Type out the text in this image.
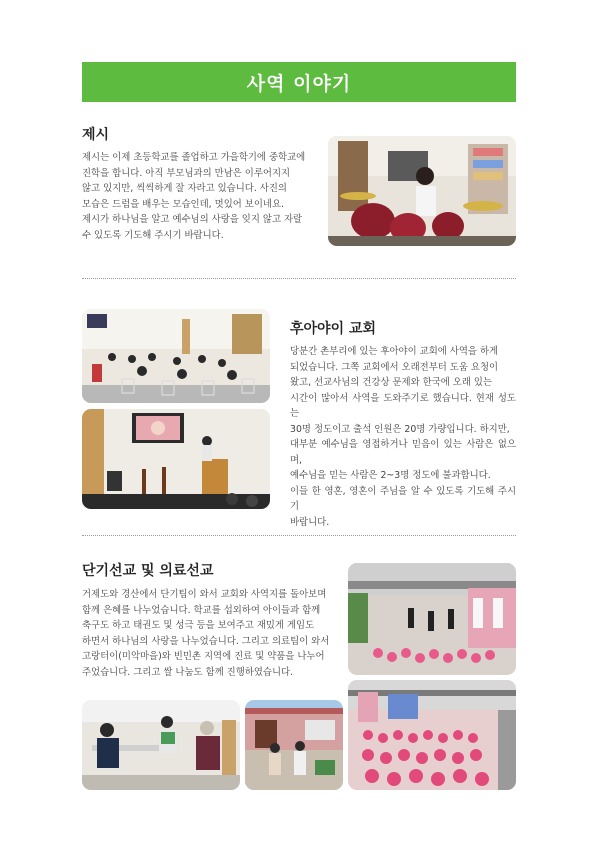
사역 이야기
제시
제시는 이제 초등학교를 졸업하고 가을학기에 중학교에
진학을 합니다. 아직 부모님과의 만남은 이루어지지
않고 있지만, 씩씩하게 잘 자라고 있습니다. 사진의
모습은 드럼을 배우는 모습인데, 멋있어 보이네요.
제시가 하나님을 알고 예수님의 사랑을 잊지 않고 자랄
수 있도록 기도해 주시기 바랍니다.
후아야이 교회
당분간 촌부리에 있는 후아야이 교회에 사역을 하게
되었습니다. 그쪽 교회에서 오래전부터 도움 요청이
왔고, 선교사님의 건강상 문제와 한국에 오래 있는
시간이 많아서 사역을 도와주기로 했습니다. 현재 성도는
30명 정도이고 출석 인원은 20명 가량입니다. 하지만,
대부분 예수님을 영접하거나 믿음이 있는 사람은 없으며,
예수님을 믿는 사람은 2~3명 정도에 불과합니다.
이들 한 영혼, 영혼이 주님을 알 수 있도록 기도해 주시기
바랍니다.
단기선교 및 의료선교
거제도와 경산에서 단기팀이 와서 교회와 사역지를 돌아보며
함께 은혜를 나누었습니다. 학교를 섭외하여 아이들과 함께
축구도 하고 태권도 및 성극 등을 보여주고 재밌게 게임도
하면서 하나님의 사랑을 나누었습니다. 그리고 의료팀이 와서
고랑터이(미악마을)와 빈민촌 지역에 진료 및 약품을 나누어
주었습니다. 그리고 쌀 나눔도 함께 진행하였습니다.
